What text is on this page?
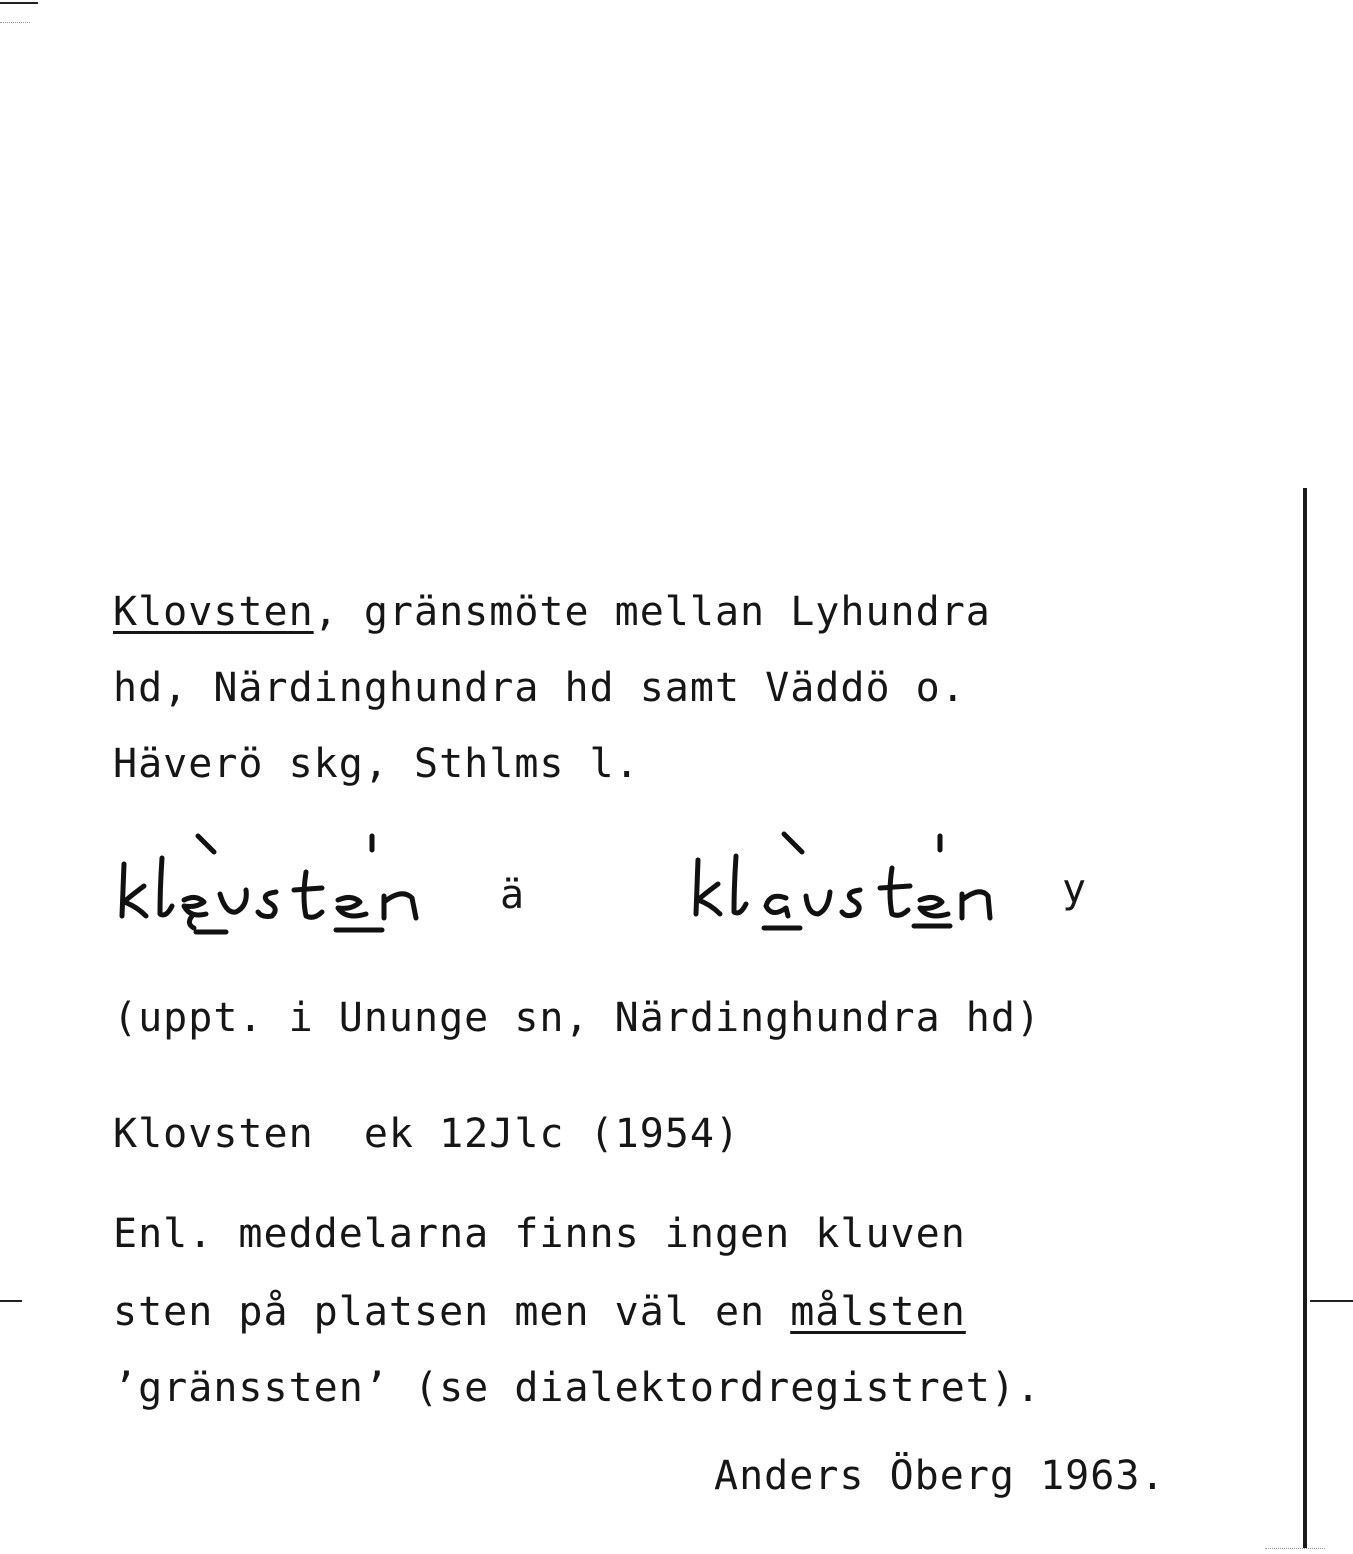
Klovsten, gränsmöte mellan Lyhundra
hd, Närdinghundra hd samt Väddö o.
Häverö skg, Sthlms l.
ä	y
(uppt. i Ununge sn, Närdinghundra hd)
Klovsten  ek 12Jlc (1954)
Enl. meddelarna finns ingen kluven
sten på platsen men väl en målsten
’gränssten’ (se dialektordregistret).
Anders Öberg 1963.
